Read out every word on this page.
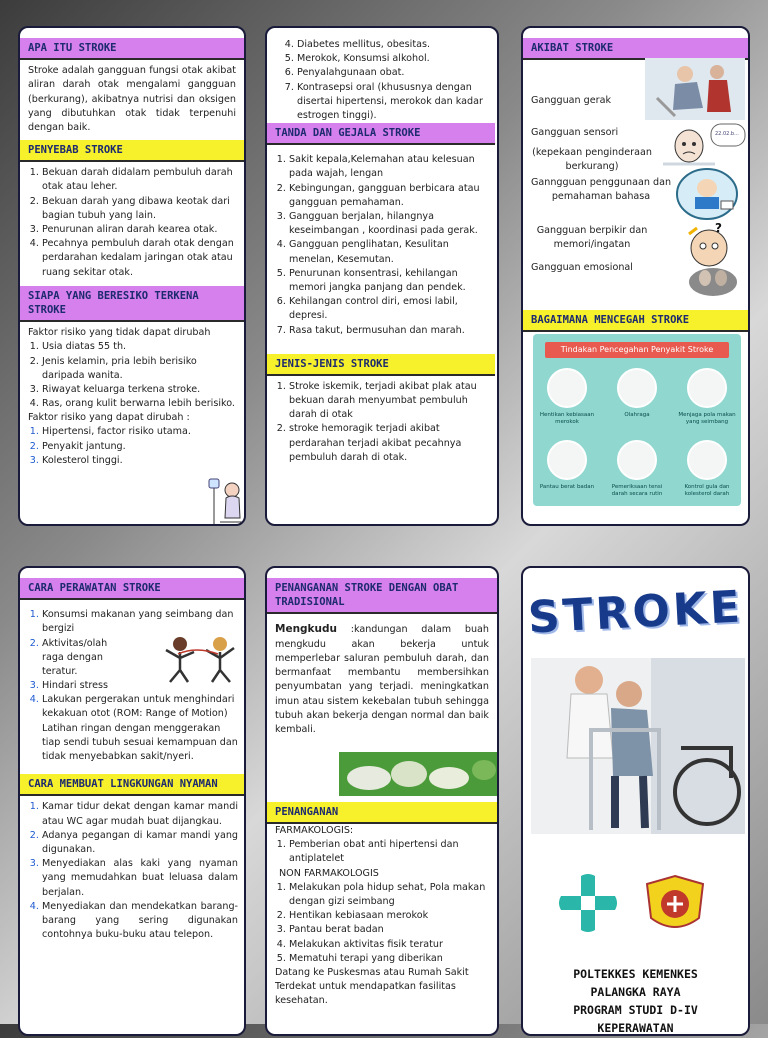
APA ITU STROKE

Stroke adalah gangguan fungsi otak akibat aliran darah otak mengalami gangguan (berkurang), akibatnya nutrisi dan oksigen yang dibutuhkan otak tidak terpenuhi dengan baik.

PENYEBAB STROKE
1. Bekuan darah didalam pembuluh darah otak atau leher.
2. Bekuan darah yang dibawa keotak dari bagian tubuh yang lain.
3. Penurunan aliran darah kearea otak.
4. Pecahnya pembuluh darah otak dengan perdarahan kedalam jaringan otak atau ruang sekitar otak.
SIAPA YANG BERESIKO TERKENA STROKE

Faktor risiko yang tidak dapat dirubah

1. Usia diatas 55 th.
2. Jenis kelamin, pria lebih berisiko daripada wanita.
3. Riwayat keluarga terkena stroke.
4. Ras, orang kulit berwarna lebih berisiko.

Faktor risiko yang dapat dirubah :

1. Hipertensi, factor risiko utama.
2. Penyakit jantung.
3. Kolesterol tinggi.
4. Diabetes mellitus, obesitas.
5. Merokok, Konsumsi alkohol.
6. Penyalahgunaan obat.
7. Kontrasepsi oral (khususnya dengan disertai hipertensi, merokok dan kadar estrogen tinggi).
TANDA DAN GEJALA STROKE
1. Sakit kepala,Kelemahan atau kelesuan pada wajah, lengan
2. Kebingungan, gangguan berbicara atau gangguan pemahaman.
3. Gangguan berjalan, hilangnya keseimbangan , koordinasi pada gerak.
4. Gangguan penglihatan, Kesulitan menelan, Kesemutan.
5. Penurunan konsentrasi, kehilangan memori jangka panjang dan pendek.
6. Kehilangan control diri, emosi labil, depresi.
7. Rasa takut, bermusuhan dan marah.
JENIS-JENIS STROKE
1. Stroke iskemik, terjadi akibat plak atau bekuan darah menyumbat pembuluh darah di otak
2. stroke hemoragik terjadi akibat perdarahan terjadi akibat pecahnya pembuluh darah di otak.
AKIBAT STROKE
Gangguan gerak
Gangguan sensori
(kepekaan penginderaan berkurang)
Ganngguan penggunaan dan pemahaman bahasa
Gangguan berpikir dan memori/ingatan
Gangguan emosional
22.02.b...
?
BAGAIMANA MENCEGAH STROKE
Tindakan Pencegahan Penyakit Stroke
Hentikan kebiasaan merokok
Olahraga	Menjaga pola makan yang seimbang
Pantau berat badan	Pemeriksaan tensi darah secara rutin
Kontrol gula dan kolesterol darah
CARA PERAWATAN STROKE
1. Konsumsi makanan yang seimbang dan bergizi
2. Aktivitas/olah raga dengan teratur.
3. Hindari stress
4. Lakukan pergerakan untuk menghindari kekakuan otot (ROM: Range of Motion) Latihan ringan dengan menggerakan tiap sendi tubuh sesuai kemampuan dan tidak menyebabkan sakit/nyeri.
CARA MEMBUAT LINGKUNGAN NYAMAN
1. Kamar tidur dekat dengan kamar mandi atau WC agar mudah buat dijangkau.
2. Adanya pegangan di kamar mandi yang digunakan.
3. Menyediakan alas kaki yang nyaman yang memudahkan buat leluasa dalam berjalan.
4. Menyediakan dan mendekatkan barang-barang yang sering digunakan contohnya buku-buku atau telepon.
PENANGANAN STROKE DENGAN OBAT TRADISIONAL

Mengkudu :kandungan dalam buah mengkudu akan bekerja untuk memperlebar saluran pembuluh darah, dan bermanfaat membantu membersihkan penyumbatan yang terjadi. meningkatkan imun atau sistem kekebalan tubuh sehingga tubuh akan bekerja dengan normal dan baik kembali.

PENANGANAN

FARMAKOLOGIS:

1. Pemberian obat anti hipertensi dan antiplatelet

NON FARMAKOLOGIS

1. Melakukan pola hidup sehat, Pola makan dengan gizi seimbang
2. Hentikan kebiasaan merokok
3. Pantau berat badan
4. Melakukan aktivitas fisik teratur
5. Mematuhi terapi yang diberikan

Datang ke Puskesmas atau Rumah Sakit Terdekat untuk mendapatkan fasilitas kesehatan.

STROKE
POLTEKKES KEMENKES
PALANGKA RAYA
PROGRAM STUDI D-IV
KEPERAWATAN
